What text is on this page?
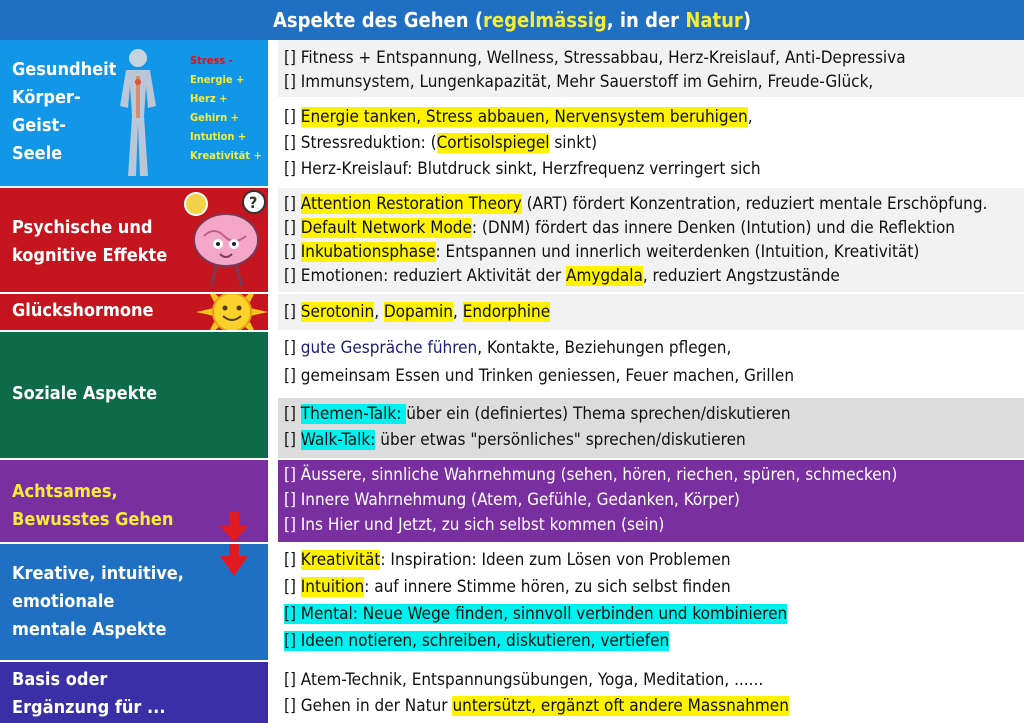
Aspekte des Gehen (regelmässig, in der Natur)
Gesundheit
Körper-
Geist-
Seele
Stress -
Energie +
Herz +
Gehirn +
Intution +
Kreativität +
[] Fitness + Entspannung, Wellness, Stressabbau, Herz-Kreislauf, Anti-Depressiva
[] Immunsystem, Lungenkapazität, Mehr Sauerstoff im Gehirn, Freude-Glück,
[] Energie tanken, Stress abbauen, Nervensystem beruhigen,
[] Stressreduktion: (Cortisolspiegel sinkt)
[] Herz-Kreislauf: Blutdruck sinkt, Herzfrequenz verringert sich
Psychische und
kognitive Effekte
? [] Attention Restoration Theory (ART) fördert Konzentration, reduziert mentale Erschöpfung.
[] Default Network Mode: (DNM) fördert das innere Denken (Intution) und die Reflektion
[] Inkubationsphase: Entspannen und innerlich weiterdenken (Intuition, Kreativität)
[] Emotionen: reduziert Aktivität der Amygdala, reduziert Angstzustände
Glückshormone	[] Serotonin, Dopamin, Endorphine
Soziale Aspekte
[] gute Gespräche führen, Kontakte, Beziehungen pflegen,
[] gemeinsam Essen und Trinken geniessen, Feuer machen, Grillen
[] Themen-Talk: über ein (definiertes) Thema sprechen/diskutieren
[] Walk-Talk: über etwas "persönliches" sprechen/diskutieren
Achtsames,
Bewusstes Gehen
[] Äussere, sinnliche Wahrnehmung (sehen, hören, riechen, spüren, schmecken)
[] Innere Wahrnehmung (Atem, Gefühle, Gedanken, Körper)
[] Ins Hier und Jetzt, zu sich selbst kommen (sein)
Kreative, intuitive,
emotionale
mentale Aspekte
[] Kreativität: Inspiration: Ideen zum Lösen von Problemen
[] Intuition: auf innere Stimme hören, zu sich selbst finden
[] Mental: Neue Wege finden, sinnvoll verbinden und kombinieren
[] Ideen notieren, schreiben, diskutieren, vertiefen
Basis oder
Ergänzung für ...
[] Atem-Technik, Entspannungsübungen, Yoga, Meditation, ......
[] Gehen in der Natur untersützt, ergänzt oft andere Massnahmen
